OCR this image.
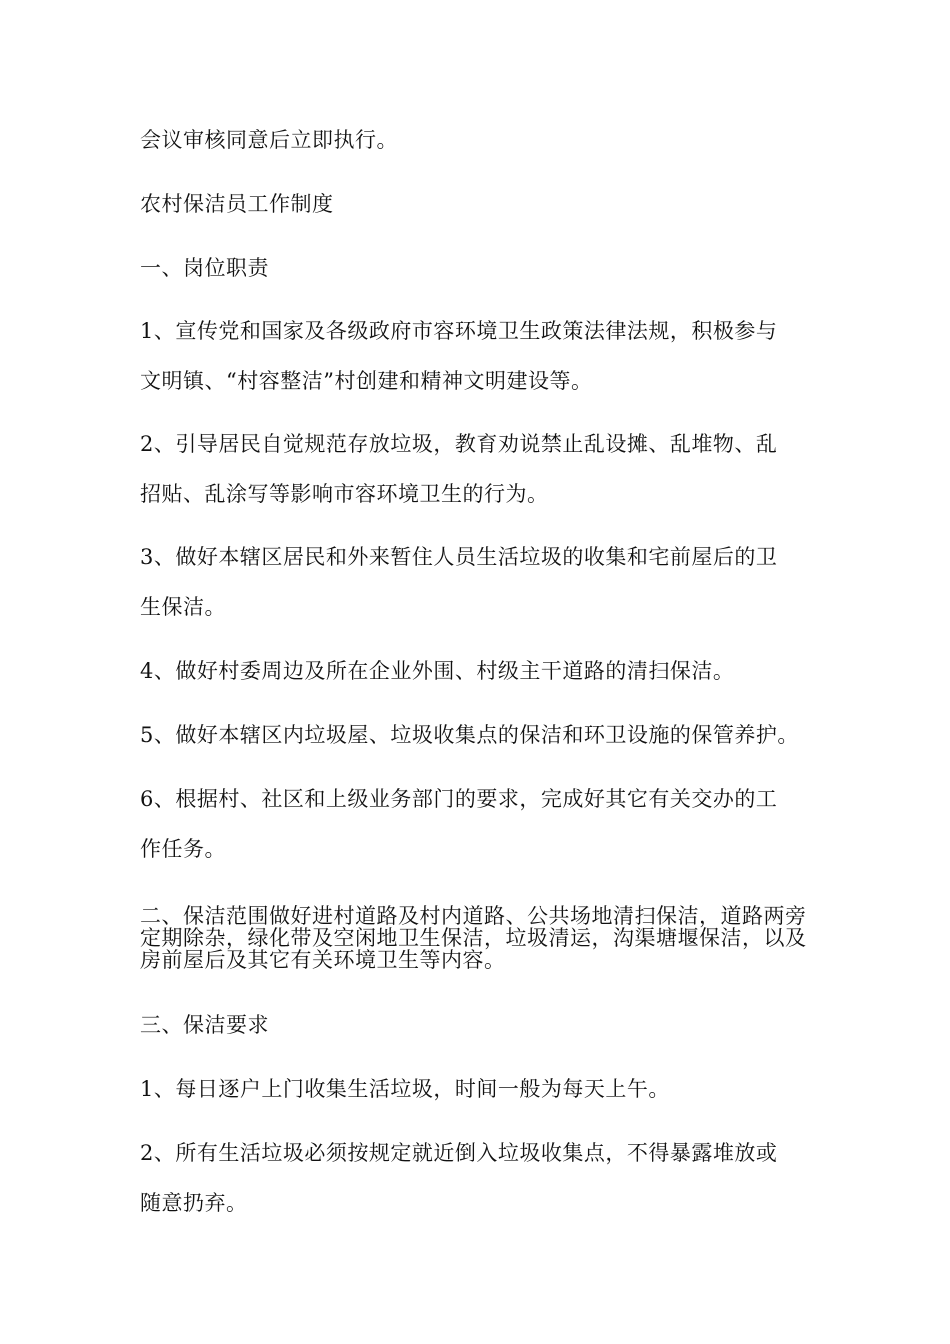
会议审核同意后立即执行。
农村保洁员工作制度
一、岗位职责
1、宣传党和国家及各级政府市容环境卫生政策法律法规，积极参与
文明镇、“村容整洁”村创建和精神文明建设等。
2、引导居民自觉规范存放垃圾，教育劝说禁止乱设摊、乱堆物、乱
招贴、乱涂写等影响市容环境卫生的行为。
3、做好本辖区居民和外来暂住人员生活垃圾的收集和宅前屋后的卫
生保洁。
4、做好村委周边及所在企业外围、村级主干道路的清扫保洁。
5、做好本辖区内垃圾屋、垃圾收集点的保洁和环卫设施的保管养护。
6、根据村、社区和上级业务部门的要求，完成好其它有关交办的工
作任务。
二、保洁范围做好进村道路及村内道路、公共场地清扫保洁，道路两旁定期除杂，绿化带及空闲地卫生保洁，垃圾清运，沟渠塘堰保洁，以及房前屋后及其它有关环境卫生等内容。
三、保洁要求
1、每日逐户上门收集生活垃圾，时间一般为每天上午。
2、所有生活垃圾必须按规定就近倒入垃圾收集点，不得暴露堆放或
随意扔弃。
